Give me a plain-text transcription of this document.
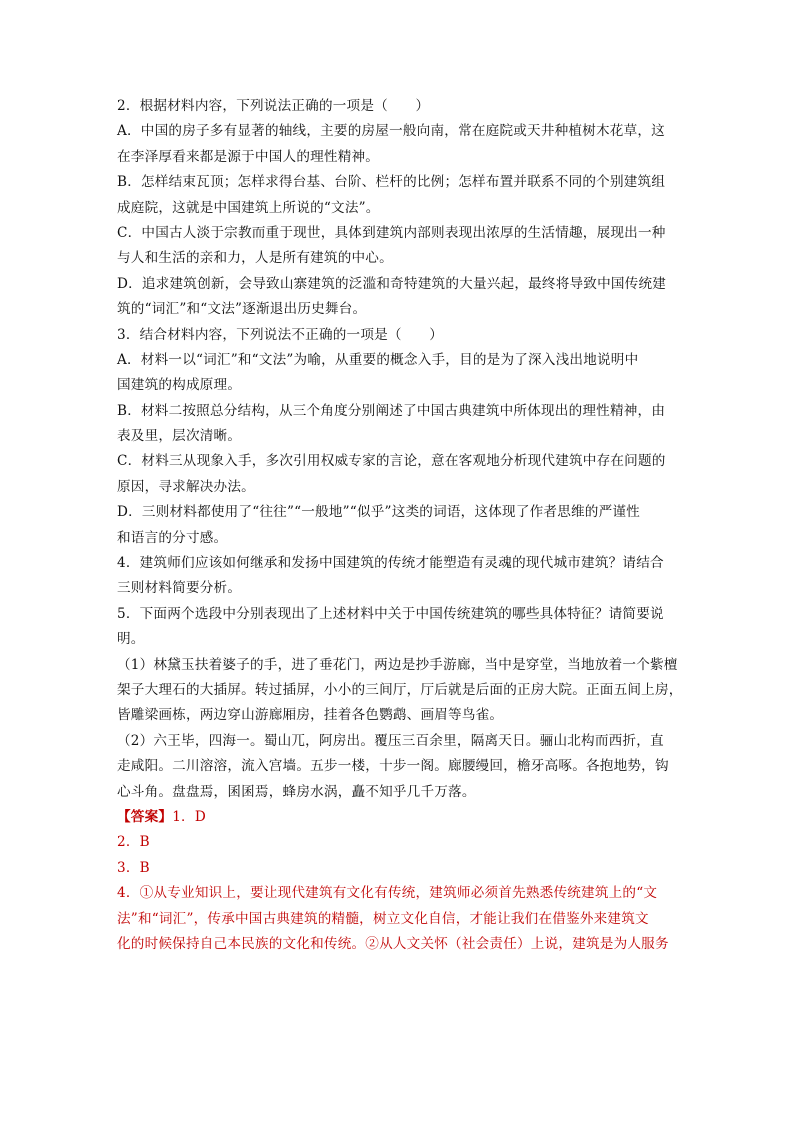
2．根据材料内容，下列说法正确的一项是（　　）
A．中国的房子多有显著的轴线，主要的房屋一般向南，常在庭院或天井种植树木花草，这
在李泽厚看来都是源于中国人的理性精神。
B．怎样结束瓦顶；怎样求得台基、台阶、栏杆的比例；怎样布置并联系不同的个别建筑组
成庭院，这就是中国建筑上所说的“文法”。
C．中国古人淡于宗教而重于现世，具体到建筑内部则表现出浓厚的生活情趣，展现出一种
与人和生活的亲和力，人是所有建筑的中心。
D．追求建筑创新，会导致山寨建筑的泛滥和奇特建筑的大量兴起，最终将导致中国传统建
筑的“词汇”和“文法”逐渐退出历史舞台。
3．结合材料内容，下列说法不正确的一项是（　　）
A．材料一以“词汇”和“文法”为喻，从重要的概念入手，目的是为了深入浅出地说明中
国建筑的构成原理。
B．材料二按照总分结构，从三个角度分别阐述了中国古典建筑中所体现出的理性精神，由
表及里，层次清晰。
C．材料三从现象入手，多次引用权威专家的言论，意在客观地分析现代建筑中存在问题的
原因，寻求解决办法。
D．三则材料都使用了“往往”“一般地”“似乎”这类的词语，这体现了作者思维的严谨性
和语言的分寸感。
4．建筑师们应该如何继承和发扬中国建筑的传统才能塑造有灵魂的现代城市建筑？请结合
三则材料简要分析。
5．下面两个选段中分别表现出了上述材料中关于中国传统建筑的哪些具体特征？请简要说
明。
（1）林黛玉扶着婆子的手，进了垂花门，两边是抄手游廊，当中是穿堂，当地放着一个紫檀
架子大理石的大插屏。转过插屏，小小的三间厅，厅后就是后面的正房大院。正面五间上房，
皆雕梁画栋，两边穿山游廊厢房，挂着各色鹦鹉、画眉等鸟雀。
（2）六王毕，四海一。蜀山兀，阿房出。覆压三百余里，隔离天日。骊山北构而西折，直
走咸阳。二川溶溶，流入宫墙。五步一楼，十步一阁。廊腰缦回，檐牙高啄。各抱地势，钩
心斗角。盘盘焉，囷囷焉，蜂房水涡，矗不知乎几千万落。
【答案】1．D
2．B
3．B
4．①从专业知识上，要让现代建筑有文化有传统，建筑师必须首先熟悉传统建筑上的“文
法”和“词汇”，传承中国古典建筑的精髓，树立文化自信，才能让我们在借鉴外来建筑文
化的时候保持自己本民族的文化和传统。②从人文关怀（社会责任）上说，建筑是为人服务
